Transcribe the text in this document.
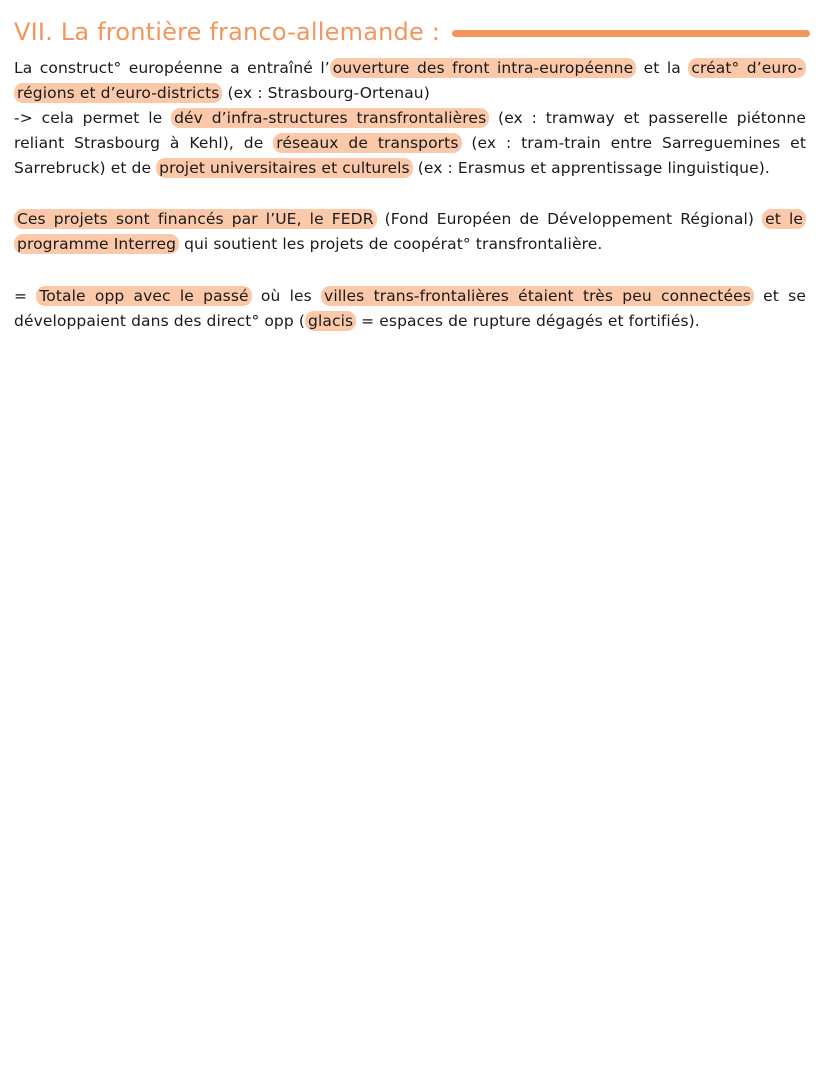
VII. La frontière franco-allemande :
La construct° européenne a entraîné l’ ouverture des front intra-européenne et la créat° d’euro-régions et d’euro-districts (ex : Strasbourg-Ortenau)
-> cela permet le dév d’infra-structures transfrontalières (ex : tramway et passerelle piétonne reliant Strasbourg à Kehl), de réseaux de transports (ex : tram-train entre Sarreguemines et Sarrebruck) et de projet universitaires et culturels (ex : Erasmus et apprentissage linguistique).
Ces projets sont financés par l’UE, le FEDR (Fond Européen de Développement Régional) et le programme Interreg qui soutient les projets de coopérat° transfrontalière.
= Totale opp avec le passé où les villes trans-frontalières étaient très peu connectées et se développaient dans des direct° opp ( glacis = espaces de rupture dégagés et fortifiés).
